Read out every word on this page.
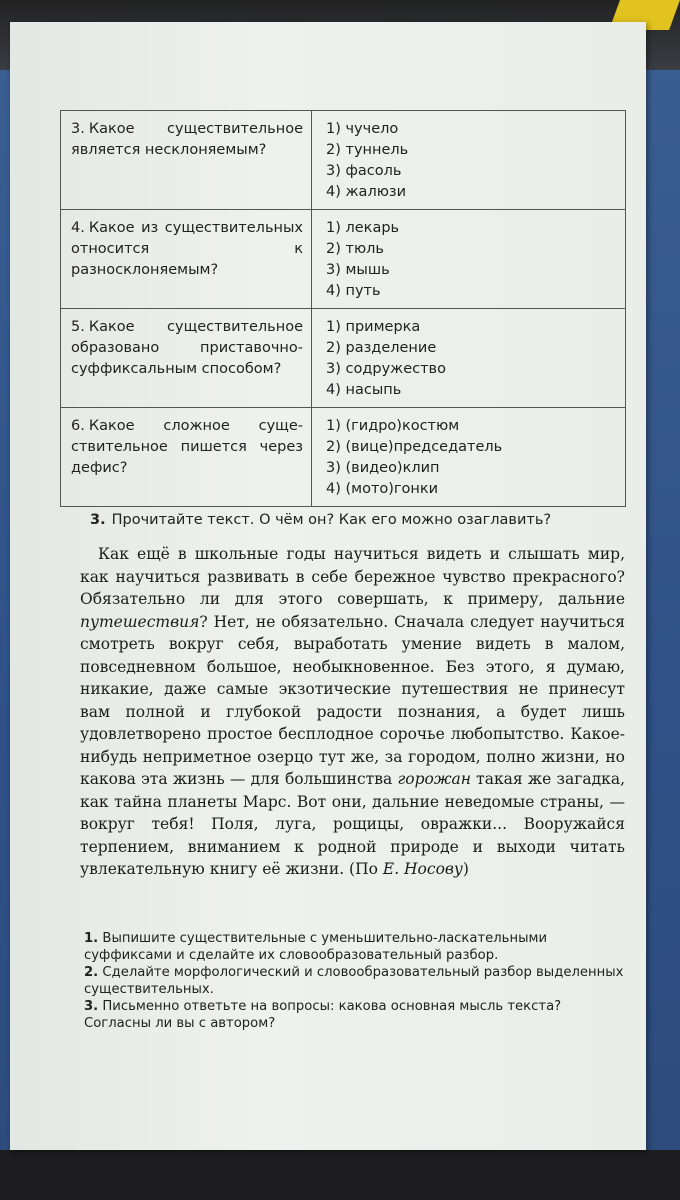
3. Какое существительное является несклоняемым?	1) чучело
2) туннель
3) фасоль
4) жалюзи

4. Какое из существительных относится к разносклоняемым?	1) лекарь
2) тюль
3) мышь
4) путь

5. Какое существительное образовано приставочно-суффиксальным способом?	1) примерка
2) разделение
3) содружество
4) насыпь

6. Какое сложное существительное пишется через дефис?	1) (гидро)костюм
2) (вице)председатель
3) (видео)клип
4) (мото)гонки
3. Прочитайте текст. О чём он? Как его можно озаглавить?

Как ещё в школьные годы научиться видеть и слышать мир, как научиться развивать в себе бережное чувство прекрасного? Обязательно ли для этого совершать, к примеру, дальние путешествия? Нет, не обязательно. Сначала следует научиться смотреть вокруг себя, выработать умение видеть в малом, повседневном большое, необыкновенное. Без этого, я думаю, никакие, даже самые экзотические путешествия не принесут вам полной и глубокой радости познания, а будет лишь удовлетворено простое бесплодное сорочье любопытство. Какое-нибудь неприметное озерцо тут же, за городом, полно жизни, но какова эта жизнь — для большинства горожан такая же загадка, как тайна планеты Марс. Вот они, дальние неведомые страны, — вокруг тебя! Поля, луга, рощицы, овражки... Вооружайся терпением, вниманием к родной природе и выходи читать увлекательную книгу её жизни. (По Е. Носову)

1. Выпишите существительные с уменьшительно-ласкательными суффиксами и сделайте их словообразовательный разбор.
2. Сделайте морфологический и словообразовательный разбор выделенных существительных.
3. Письменно ответьте на вопросы: какова основная мысль текста? Согласны ли вы с автором?
